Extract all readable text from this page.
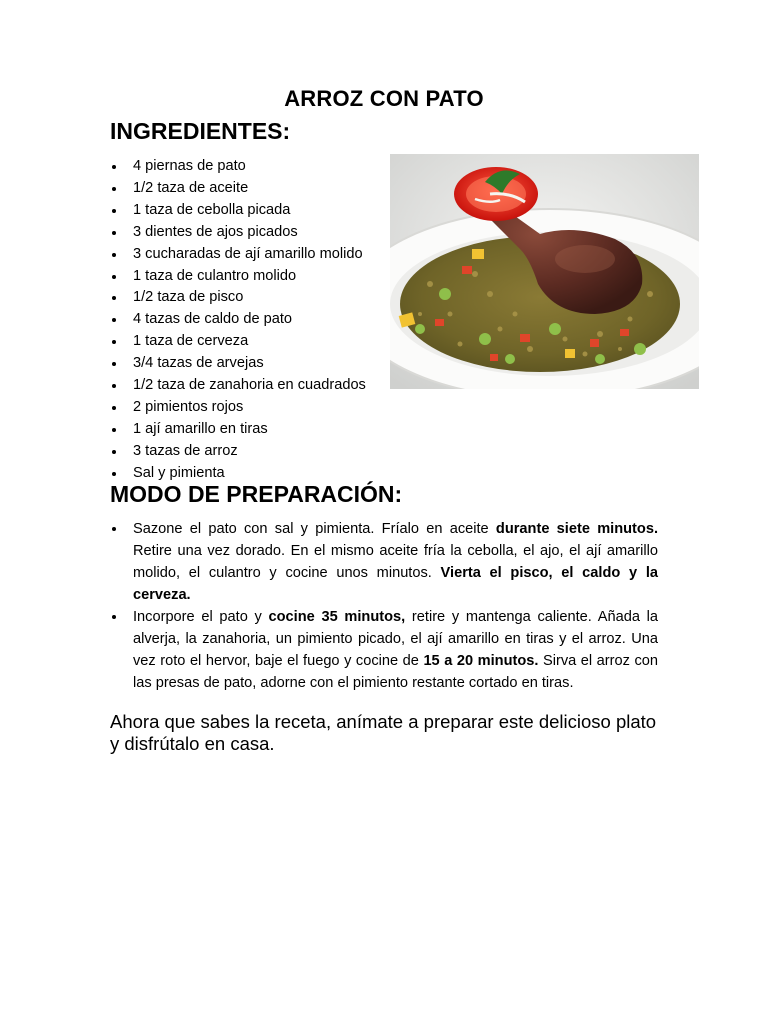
ARROZ CON PATO
INGREDIENTES:
4 piernas de pato
1/2 taza de aceite
1 taza de cebolla picada
3 dientes de ajos picados
3 cucharadas de ají amarillo molido
1 taza de culantro molido
1/2 taza de pisco
4 tazas de caldo de pato
1 taza de cerveza
3/4 tazas de arvejas
1/2 taza de zanahoria en cuadrados
2 pimientos rojos
1 ají amarillo en tiras
3 tazas de arroz
Sal y pimienta
MODO DE PREPARACIÓN:
Sazone el pato con sal y pimienta. Fríalo en aceite durante siete minutos. Retire una vez dorado. En el mismo aceite fría la cebolla, el ajo, el ají amarillo molido, el culantro y cocine unos minutos. Vierta el pisco, el caldo y la cerveza.
Incorpore el pato y cocine 35 minutos, retire y mantenga caliente. Añada la alverja, la zanahoria, un pimiento picado, el ají amarillo en tiras y el arroz. Una vez roto el hervor, baje el fuego y cocine de 15 a 20 minutos. Sirva el arroz con las presas de pato, adorne con el pimiento restante cortado en tiras.
Ahora que sabes la receta, anímate a preparar este delicioso plato y disfrútalo en casa.
